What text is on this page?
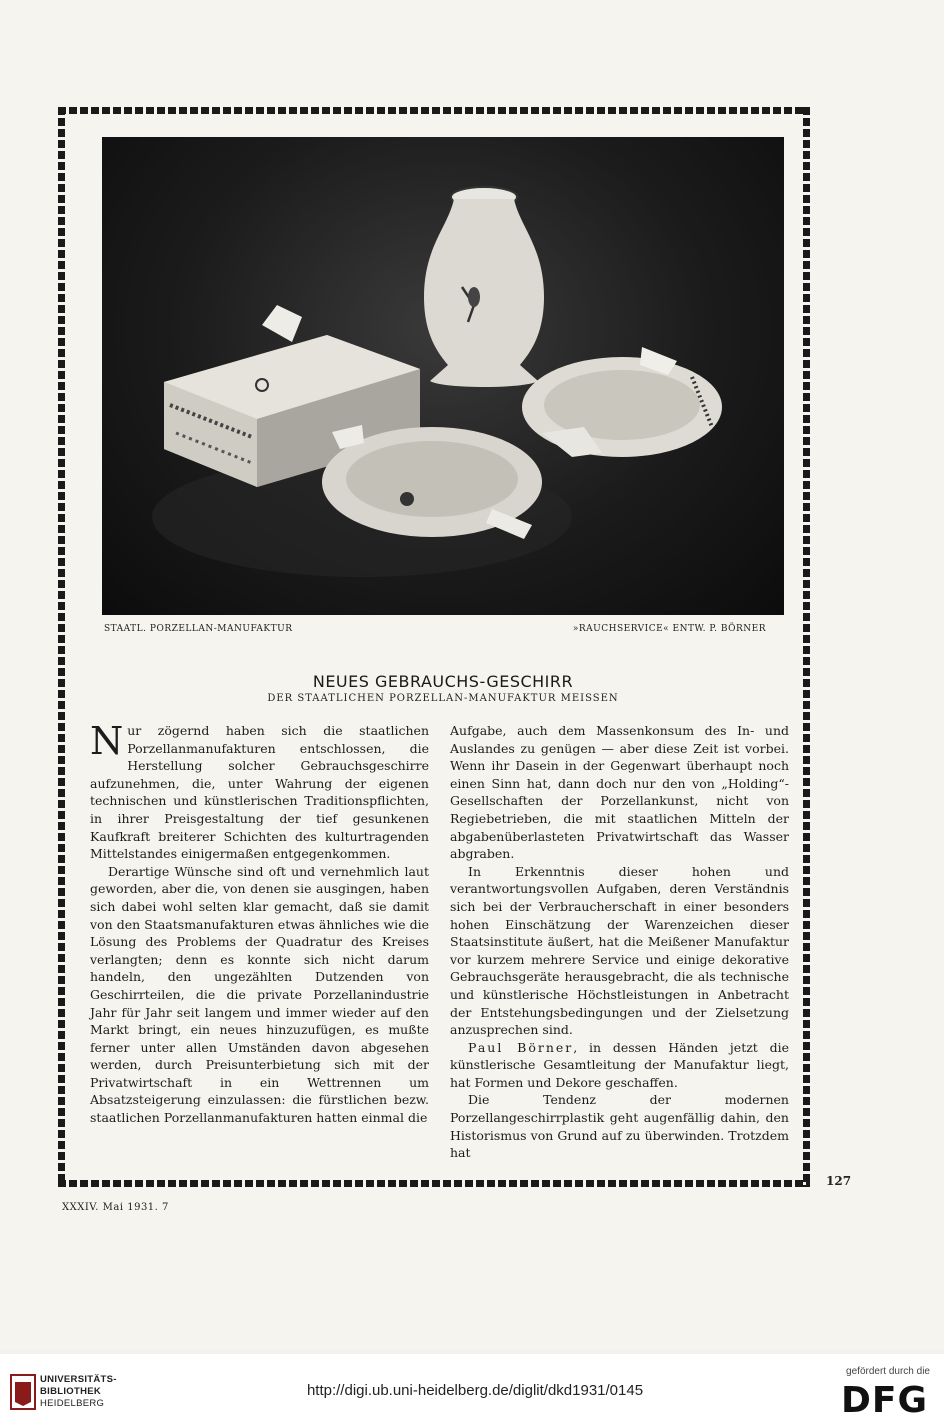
STAATL. PORZELLAN-MANUFAKTUR	»RAUCHSERVICE« ENTW. P. BÖRNER
NEUES GEBRAUCHS-GESCHIRR
DER STAATLICHEN PORZELLAN-MANUFAKTUR MEISSEN

Nur zögernd haben sich die staatlichen Porzellanmanufakturen entschlossen, die Herstellung solcher Gebrauchsgeschirre aufzunehmen, die, unter Wahrung der eigenen technischen und künstlerischen Traditionspflichten, in ihrer Preisgestaltung der tief gesunkenen Kaufkraft breiterer Schichten des kulturtragenden Mittelstandes einigermaßen entgegenkommen.

Derartige Wünsche sind oft und vernehmlich laut geworden, aber die, von denen sie ausgingen, haben sich dabei wohl selten klar gemacht, daß sie damit von den Staatsmanufakturen etwas ähnliches wie die Lösung des Problems der Quadratur des Kreises verlangten; denn es konnte sich nicht darum handeln, den ungezählten Dutzenden von Geschirrteilen, die die private Porzellanindustrie Jahr für Jahr seit langem und immer wieder auf den Markt bringt, ein neues hinzuzufügen, es mußte ferner unter allen Umständen davon abgesehen werden, durch Preisunterbietung sich mit der Privatwirtschaft in ein Wettrennen um Absatzsteigerung einzulassen: die fürstlichen bezw. staatlichen Porzellanmanufakturen hatten einmal die

Aufgabe, auch dem Massenkonsum des In- und Auslandes zu genügen — aber diese Zeit ist vorbei. Wenn ihr Dasein in der Gegenwart überhaupt noch einen Sinn hat, dann doch nur den von „Holding“-Gesellschaften der Porzellankunst, nicht von Regiebetrieben, die mit staatlichen Mitteln der abgabenüberlasteten Privatwirtschaft das Wasser abgraben.

In Erkenntnis dieser hohen und verantwortungsvollen Aufgaben, deren Verständnis sich bei der Verbraucherschaft in einer besonders hohen Einschätzung der Warenzeichen dieser Staatsinstitute äußert, hat die Meißener Manufaktur vor kurzem mehrere Service und einige dekorative Gebrauchsgeräte herausgebracht, die als technische und künstlerische Höchstleistungen in Anbetracht der Entstehungsbedingungen und der Zielsetzung anzusprechen sind.

Paul Börner, in dessen Händen jetzt die künstlerische Gesamtleitung der Manufaktur liegt, hat Formen und Dekore geschaffen.

Die Tendenz der modernen Porzellangeschirrplastik geht augenfällig dahin, den Historismus von Grund auf zu überwinden. Trotzdem hat

127
XXXIV. Mai 1931. 7
UNIVERSITÄTS-
BIBLIOTHEK
HEIDELBERG
http://digi.ub.uni-heidelberg.de/diglit/dkd1931/0145
gefördert durch die
DFG
